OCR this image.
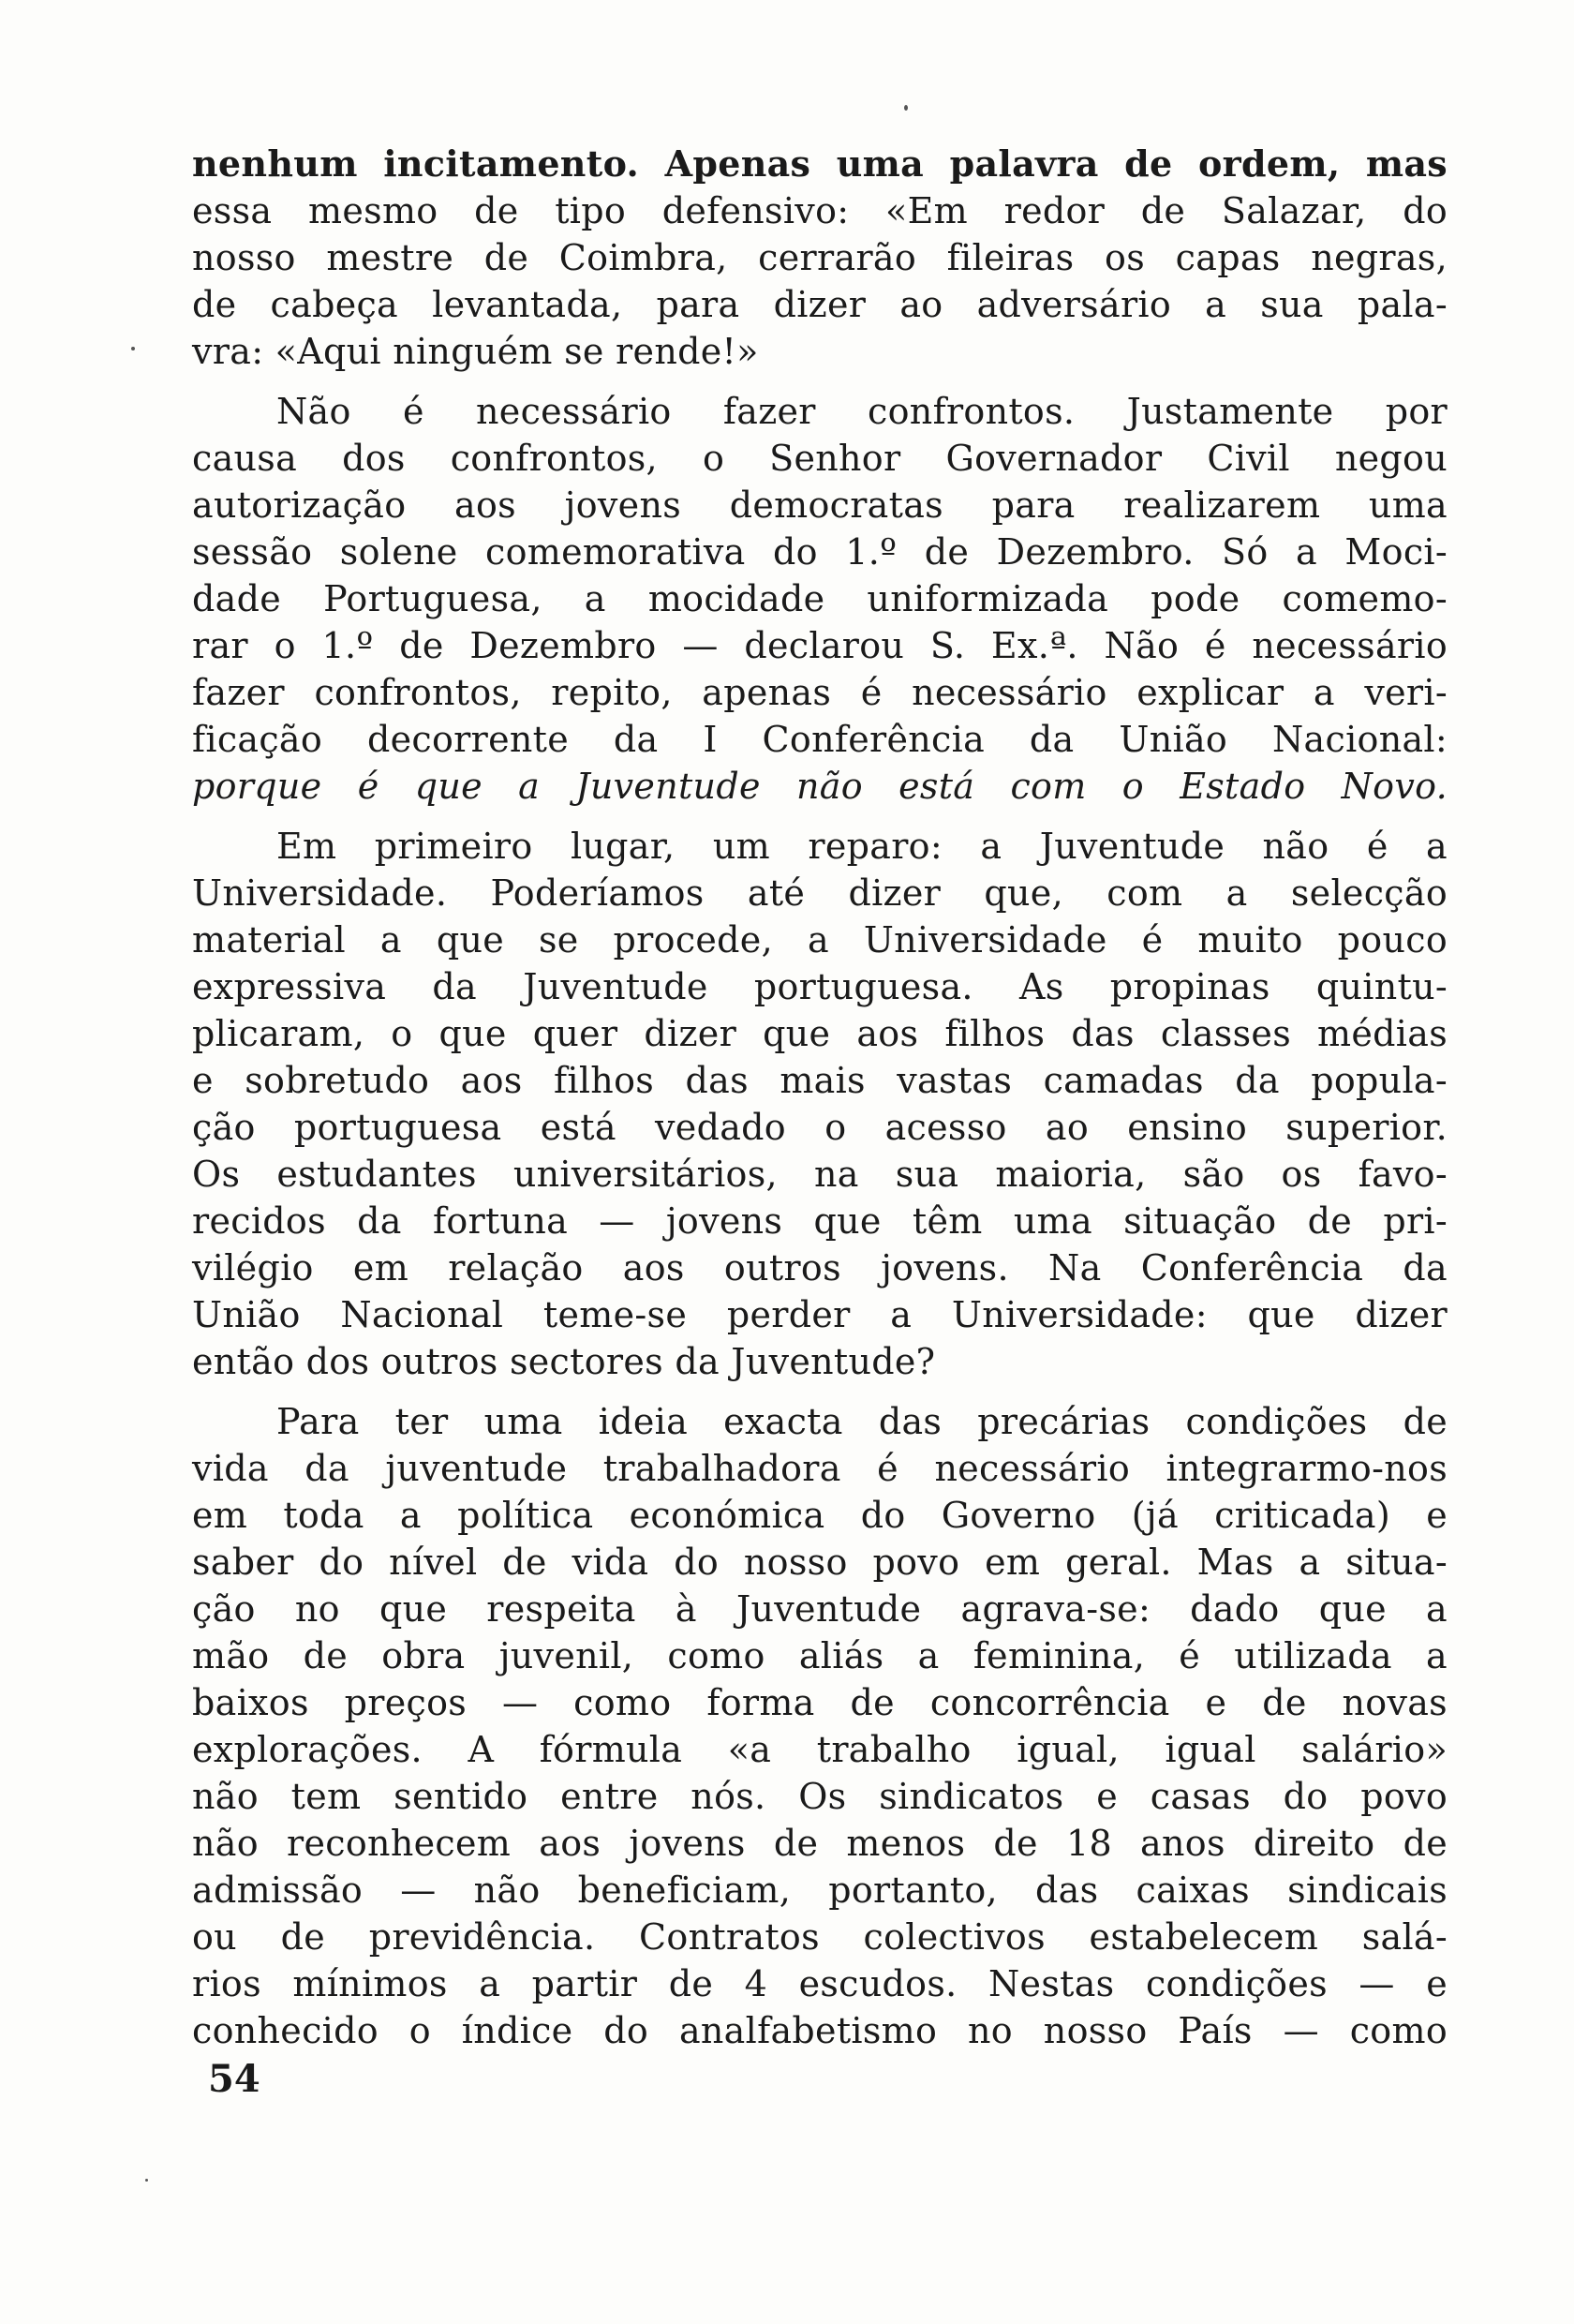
nenhum incitamento. Apenas uma palavra de ordem, mas
essa mesmo de tipo defensivo: «Em redor de Salazar, do
nosso mestre de Coimbra, cerrarão fileiras os capas negras,
de cabeça levantada, para dizer ao adversário a sua pala-
vra: «Aqui ninguém se rende!»
Não é necessário fazer confrontos. Justamente por
causa dos confrontos, o Senhor Governador Civil negou
autorização aos jovens democratas para realizarem uma
sessão solene comemorativa do 1.º de Dezembro. Só a Moci-
dade Portuguesa, a mocidade uniformizada pode comemo-
rar o 1.º de Dezembro — declarou S. Ex.ª. Não é necessário
fazer confrontos, repito, apenas é necessário explicar a veri-
ficação decorrente da I Conferência da União Nacional:
porque é que a Juventude não está com o Estado Novo.
Em primeiro lugar, um reparo: a Juventude não é a
Universidade. Poderíamos até dizer que, com a selecção
material a que se procede, a Universidade é muito pouco
expressiva da Juventude portuguesa. As propinas quintu-
plicaram, o que quer dizer que aos filhos das classes médias
e sobretudo aos filhos das mais vastas camadas da popula-
ção portuguesa está vedado o acesso ao ensino superior.
Os estudantes universitários, na sua maioria, são os favo-
recidos da fortuna — jovens que têm uma situação de pri-
vilégio em relação aos outros jovens. Na Conferência da
União Nacional teme-se perder a Universidade: que dizer
então dos outros sectores da Juventude?
Para ter uma ideia exacta das precárias condições de
vida da juventude trabalhadora é necessário integrarmo-nos
em toda a política económica do Governo (já criticada) e
saber do nível de vida do nosso povo em geral. Mas a situa-
ção no que respeita à Juventude agrava-se: dado que a
mão de obra juvenil, como aliás a feminina, é utilizada a
baixos preços — como forma de concorrência e de novas
explorações. A fórmula «a trabalho igual, igual salário»
não tem sentido entre nós. Os sindicatos e casas do povo
não reconhecem aos jovens de menos de 18 anos direito de
admissão — não beneficiam, portanto, das caixas sindicais
ou de previdência. Contratos colectivos estabelecem salá-
rios mínimos a partir de 4 escudos. Nestas condições — e
conhecido o índice do analfabetismo no nosso País — como
54
